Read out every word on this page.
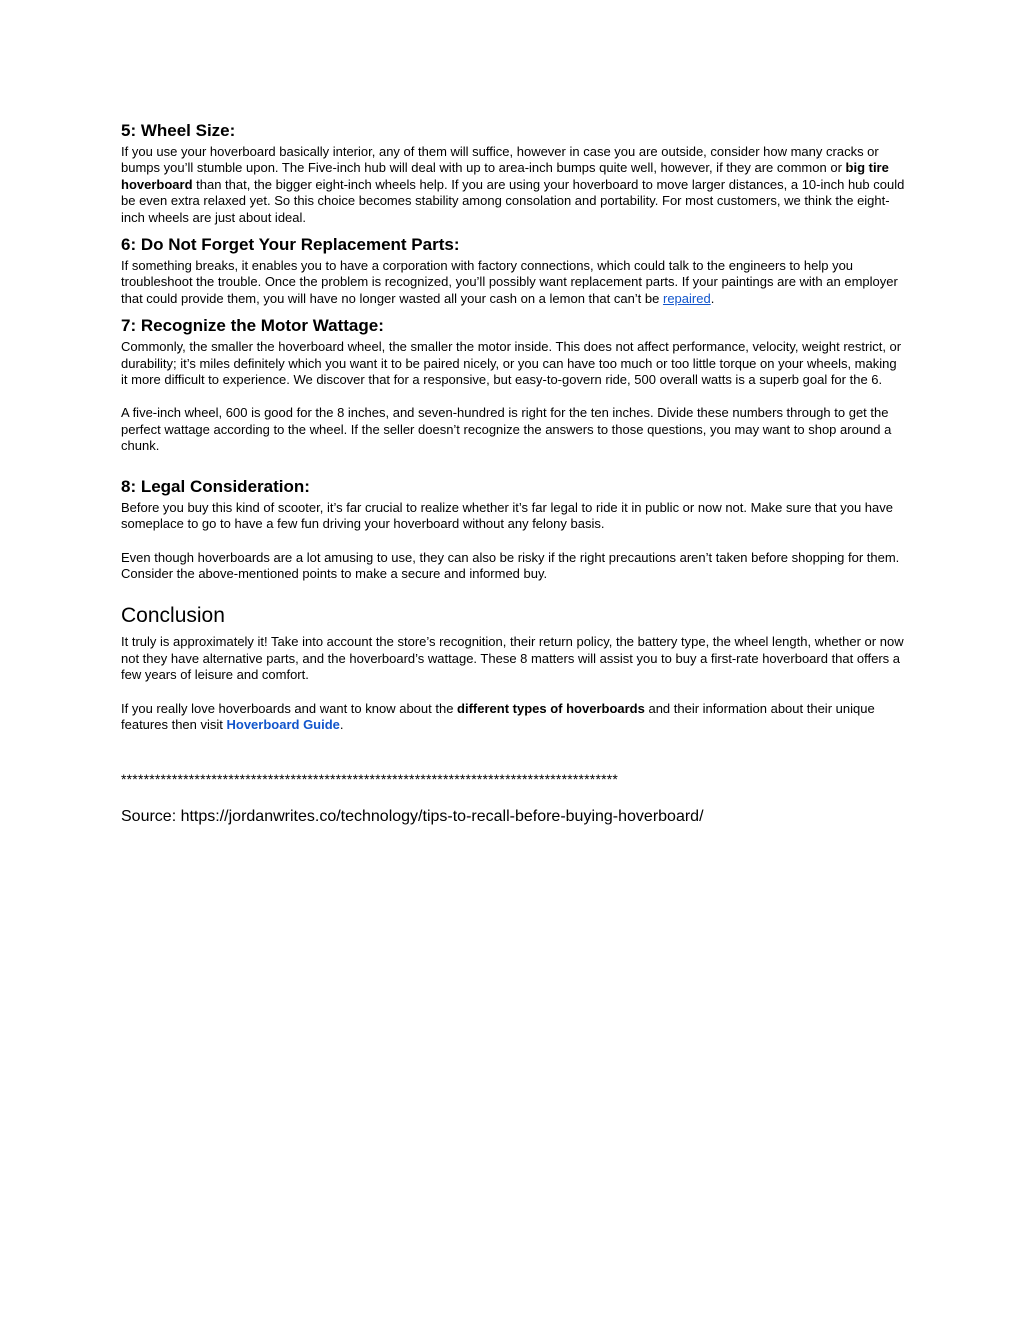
5: Wheel Size:

If you use your hoverboard basically interior, any of them will suffice, however in case you are outside, consider how many cracks or bumps you’ll stumble upon. The Five-inch hub will deal with up to area-inch bumps quite well, however, if they are common or big tire hoverboard than that, the bigger eight-inch wheels help. If you are using your hoverboard to move larger distances, a 10-inch hub could be even extra relaxed yet. So this choice becomes stability among consolation and portability. For most customers, we think the eight-inch wheels are just about ideal.

6: Do Not Forget Your Replacement Parts:

If something breaks, it enables you to have a corporation with factory connections, which could talk to the engineers to help you troubleshoot the trouble. Once the problem is recognized, you’ll possibly want replacement parts. If your paintings are with an employer that could provide them, you will have no longer wasted all your cash on a lemon that can’t be repaired.

7: Recognize the Motor Wattage:

Commonly, the smaller the hoverboard wheel, the smaller the motor inside. This does not affect performance, velocity, weight restrict, or durability; it’s miles definitely which you want it to be paired nicely, or you can have too much or too little torque on your wheels, making it more difficult to experience. We discover that for a responsive, but easy-to-govern ride, 500 overall watts is a superb goal for the 6.

A five-inch wheel, 600 is good for the 8 inches, and seven-hundred is right for the ten inches. Divide these numbers through to get the perfect wattage according to the wheel. If the seller doesn’t recognize the answers to those questions, you may want to shop around a chunk.

8: Legal Consideration:

Before you buy this kind of scooter, it’s far crucial to realize whether it’s far legal to ride it in public or now not. Make sure that you have someplace to go to have a few fun driving your hoverboard without any felony basis.

Even though hoverboards are a lot amusing to use, they can also be risky if the right precautions aren’t taken before shopping for them. Consider the above-mentioned points to make a secure and informed buy.

Conclusion

It truly is approximately it! Take into account the store’s recognition, their return policy, the battery type, the wheel length, whether or now not they have alternative parts, and the hoverboard’s wattage. These 8 matters will assist you to buy a first-rate hoverboard that offers a few years of leisure and comfort.

If you really love hoverboards and want to know about the different types of hoverboards and their information about their unique features then visit Hoverboard Guide.

****************************************************************************************
Source: https://jordanwrites.co/technology/tips-to-recall-before-buying-hoverboard/
